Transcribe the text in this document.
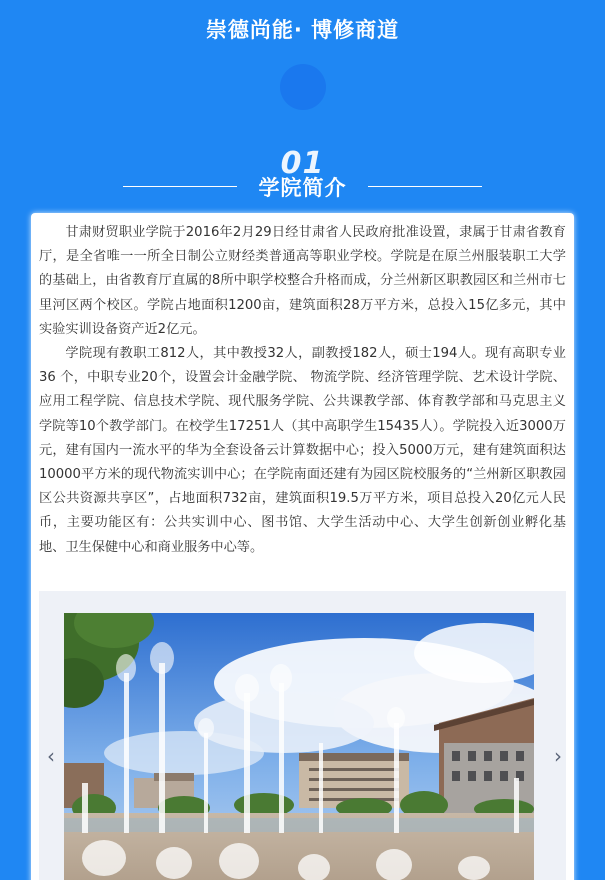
崇德尚能· 博修商道
01
学院简介

甘肃财贸职业学院于2016年2月29日经甘肃省人民政府批准设置，隶属于甘肃省教育厅，是全省唯一一所全日制公立财经类普通高等职业学校。学院是在原兰州服装职工大学的基础上，由省教育厅直属的8所中职学校整合升格而成，分兰州新区职教园区和兰州市七里河区两个校区。学院占地面积1200亩，建筑面积28万平方米，总投入15亿多元，其中实验实训设备资产近2亿元。

学院现有教职工812人，其中教授32人，副教授182人，硕士194人。现有高职专业 36 个，中职专业20个，设置会计金融学院、 物流学院、经济管理学院、艺术设计学院、应用工程学院、信息技术学院、现代服务学院、公共课教学部、体育教学部和马克思主义学院等10个教学部门。在校学生17251人（其中高职学生15435人）。学院投入近3000万元，建有国内一流水平的华为全套设备云计算数据中心；投入5000万元，建有建筑面积达10000平方米的现代物流实训中心；在学院南面还建有为园区院校服务的“兰州新区职教园区公共资源共享区”，占地面积732亩，建筑面积19.5万平方米，项目总投入20亿元人民币，主要功能区有：公共实训中心、图书馆、大学生活动中心、大学生创新创业孵化基地、卫生保健中心和商业服务中心等。

‹	›
